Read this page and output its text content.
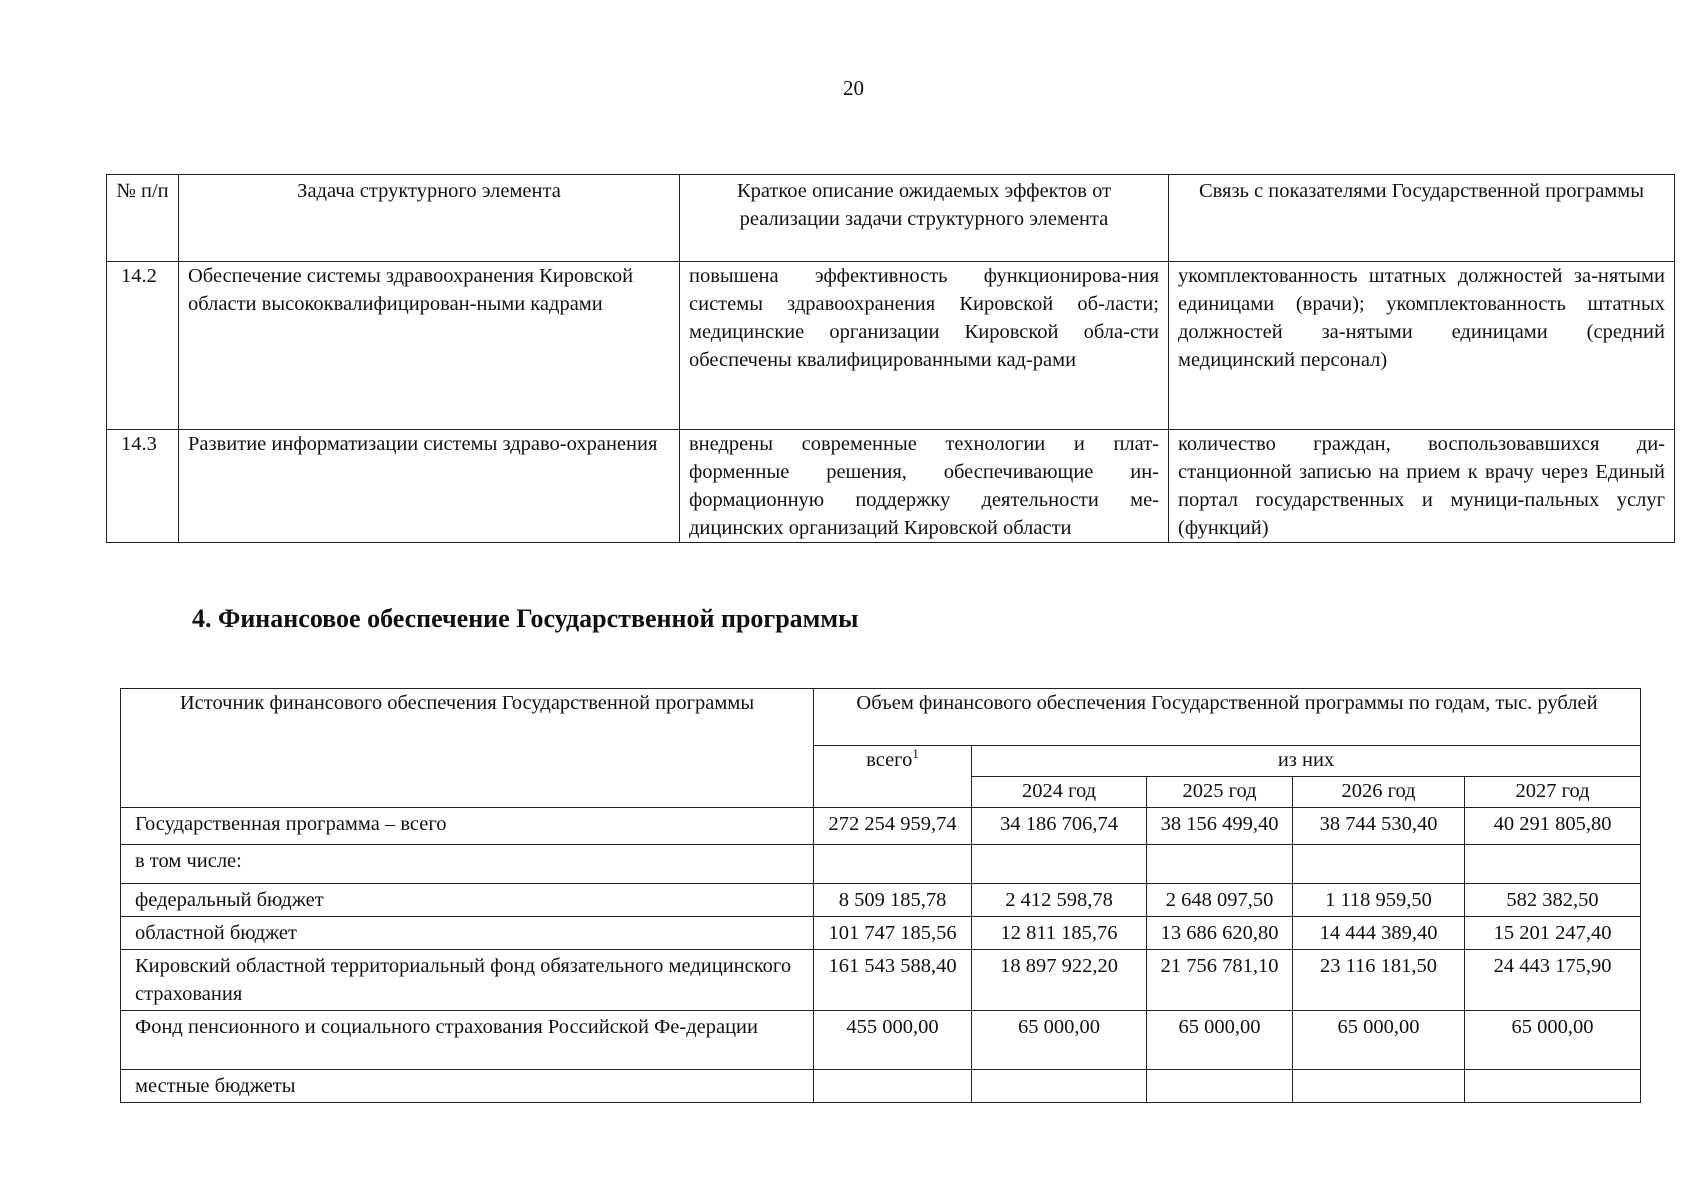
20
№ п/п	Задача структурного элемента	Краткое описание ожидаемых эффектов от реализации задачи структурного элемента	Связь с показателями Государственной программы
14.2	Обеспечение системы здравоохранения Кировской области высококвалифицирован-ными кадрами	повышена эффективность функционирова-ния системы здравоохранения Кировской об-ласти; медицинские организации Кировской обла-сти обеспечены квалифицированными кад-рами	укомплектованность штатных должностей за-нятыми единицами (врачи); укомплектованность штатных должностей за-нятыми единицами (средний медицинский персонал)
14.3	Развитие информатизации системы здраво-охранения	внедрены современные технологии и плат-форменные решения, обеспечивающие ин-формационную поддержку деятельности ме-дицинских организаций Кировской области	количество граждан, воспользовавшихся ди-станционной записью на прием к врачу через Единый портал государственных и муници-пальных услуг (функций)
4. Финансовое обеспечение Государственной программы
Источник финансового обеспечения Государственной программы	Объем финансового обеспечения Государственной программы по годам, тыс. рублей				
	всего$^1$	из них			
		2024 год	2025 год	2026 год	2027 год
Государственная программа – всего	272 254 959,74	34 186 706,74	38 156 499,40	38 744 530,40	40 291 805,80
в том числе:					
федеральный бюджет	8 509 185,78	2 412 598,78	2 648 097,50	1 118 959,50	582 382,50
областной бюджет	101 747 185,56	12 811 185,76	13 686 620,80	14 444 389,40	15 201 247,40
Кировский областной территориальный фонд обязательного медицинского страхования	161 543 588,40	18 897 922,20	21 756 781,10	23 116 181,50	24 443 175,90
Фонд пенсионного и социального страхования Российской Фе-дерации	455 000,00	65 000,00	65 000,00	65 000,00	65 000,00
местные бюджеты					
